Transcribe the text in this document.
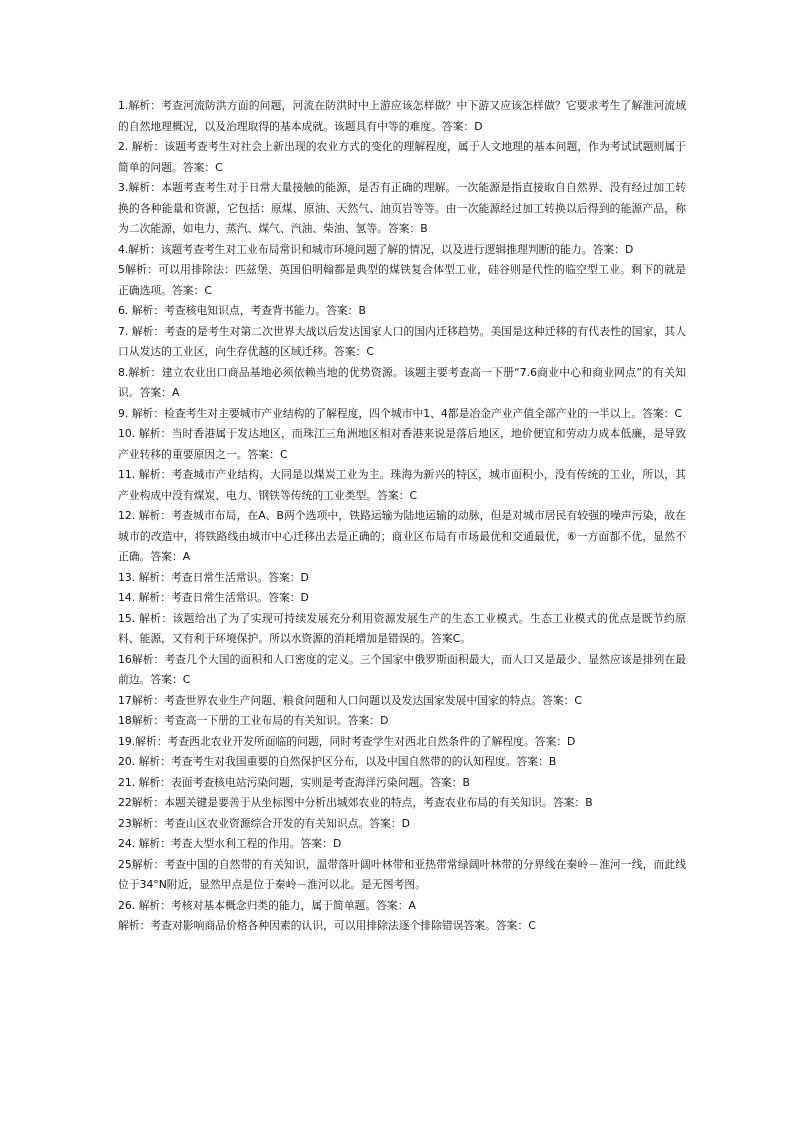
1.解析：考查河流防洪方面的问题，河流在防洪时中上游应该怎样做？中下游又应该怎样做？它要求考生了解淮河流域的自然地理概况，以及治理取得的基本成就。该题具有中等的难度。答案：D

2. 解析：该题考查考生对社会上新出现的农业方式的变化的理解程度，属于人文地理的基本问题，作为考试试题则属于简单的问题。答案：C

3.解析：本题考查考生对于日常大量接触的能源，是否有正确的理解。一次能源是指直接取自自然界、没有经过加工转换的各种能量和资源，它包括：原煤、原油、天然气、油页岩等等。由一次能源经过加工转换以后得到的能源产品，称为二次能源，如电力、蒸汽、煤气、汽油、柴油、氢等。答案：B

4.解析：该题考查考生对工业布局常识和城市环境问题了解的情况，以及进行逻辑推理判断的能力。答案：D

5解析：可以用排除法：匹兹堡、英国伯明翰都是典型的煤铁复合体型工业，硅谷则是代性的临空型工业。剩下的就是正确选项。答案：C

6. 解析：考查核电知识点，考查背书能力。答案：B

7. 解析：考查的是考生对第二次世界大战以后发达国家人口的国内迁移趋势。美国是这种迁移的有代表性的国家，其人口从发达的工业区，向生存优越的区域迁移。答案：C

8.解析：建立农业出口商品基地必须依赖当地的优势资源。该题主要考查高一下册“7.6商业中心和商业网点”的有关知识。答案：A

9. 解析：检查考生对主要城市产业结构的了解程度，四个城市中1、4都是冶金产业产值全部产业的一半以上。答案：C

10. 解析：当时香港属于发达地区，而珠江三角洲地区相对香港来说是落后地区，地价便宜和劳动力成本低廉，是导致产业转移的重要原因之一。答案：C

11. 解析：考查城市产业结构，大同是以煤炭工业为主。珠海为新兴的特区，城市面积小，没有传统的工业，所以，其产业构成中没有煤炭、电力、钢铁等传统的工业类型。答案：C

12. 解析：考查城市布局，在A、B两个选项中，铁路运输为陆地运输的动脉，但是对城市居民有较强的噪声污染，故在城市的改造中，将铁路线由城市中心迁移出去是正确的；商业区布局有市场最优和交通最优，⑥一方面都不优，显然不正确。答案：A

13. 解析：考查日常生活常识。答案：D

14. 解析：考查日常生活常识。答案：D

15. 解析：该题给出了为了实现可持续发展充分利用资源发展生产的生态工业模式。生态工业模式的优点是既节约原料、能源，又有利于环境保护。所以水资源的消耗增加是错误的。答案C。

16解析：考查几个大国的面积和人口密度的定义。三个国家中俄罗斯面积最大，而人口又是最少、显然应该是排列在最前边。答案：C

17解析：考查世界农业生产问题、粮食问题和人口问题以及发达国家发展中国家的特点。答案：C

18解析：考查高一下册的工业布局的有关知识。答案：D

19.解析：考查西北农业开发所面临的问题，同时考查学生对西北自然条件的了解程度。答案：D

20. 解析：考查考生对我国重要的自然保护区分布，以及中国自然带的的认知程度。答案：B

21. 解析：表面考查核电站污染问题，实则是考查海洋污染问题。答案：B

22解析：本题关键是要善于从坐标图中分析出城郊农业的特点，考查农业布局的有关知识。答案：B

23解析：考查山区农业资源综合开发的有关知识点。答案：D

24. 解析：考查大型水利工程的作用。答案：D

25解析：考查中国的自然带的有关知识，温带落叶阔叶林带和亚热带常绿阔叶林带的分界线在秦岭－淮河一线，而此线位于34°N附近，显然甲点是位于秦岭－淮河以北。是无图考图。

26. 解析：考核对基本概念归类的能力，属于简单题。答案：A

解析：考查对影响商品价格各种因素的认识，可以用排除法逐个排除错误答案。答案：C
